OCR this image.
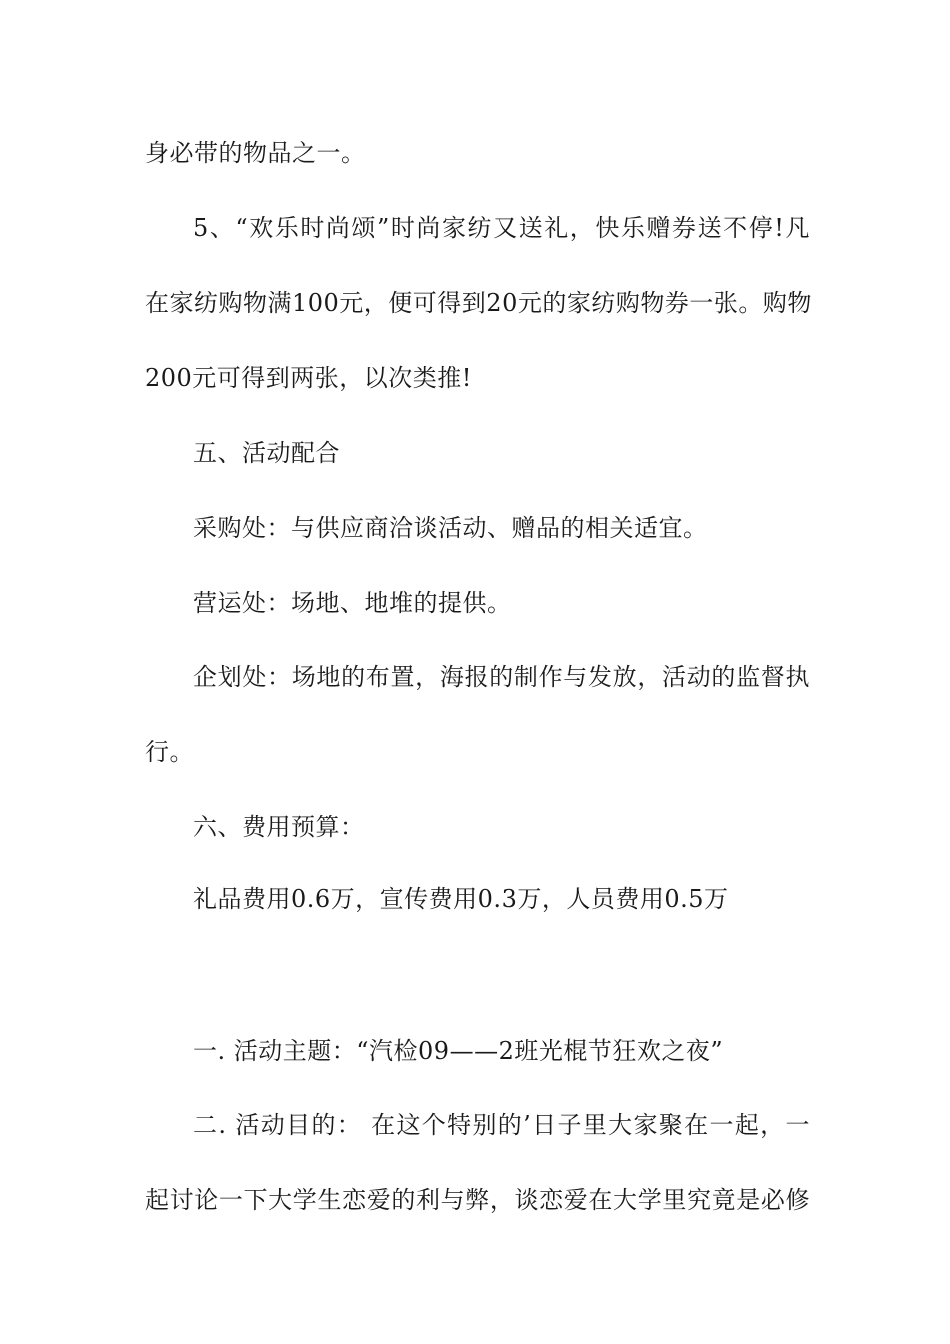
身必带的物品之一。
5、“欢乐时尚颂”时尚家纺又送礼，快乐赠券送不停!凡
在家纺购物满100元，便可得到20元的家纺购物券一张。购物
200元可得到两张，以次类推!
五、活动配合
采购处：与供应商洽谈活动、赠品的相关适宜。
营运处：场地、地堆的提供。
企划处：场地的布置，海报的制作与发放，活动的监督执
行。
六、费用预算：
礼品费用0.6万，宣传费用0.3万，人员费用0.5万
一. 活动主题：“汽检09——2班光棍节狂欢之夜”
二. 活动目的： 在这个特别的’日子里大家聚在一起，一
起讨论一下大学生恋爱的利与弊，谈恋爱在大学里究竟是必修
